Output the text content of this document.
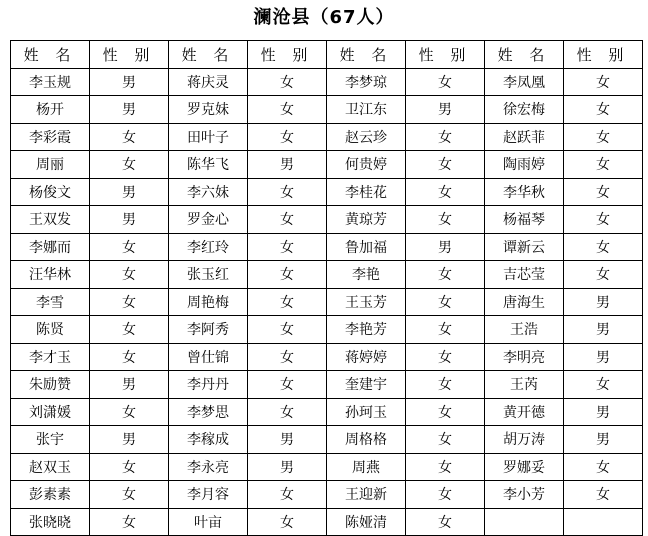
澜沧县（67人）
姓 名	性 别	姓 名	性 别	姓 名	性 别	姓 名	性 别
李玉规	男	蒋庆灵	女	李梦琼	女	李凤凰	女
杨开	男	罗克妹	女	卫江东	男	徐宏梅	女
李彩霞	女	田叶子	女	赵云珍	女	赵跃菲	女
周丽	女	陈华飞	男	何贵婷	女	陶雨婷	女
杨俊文	男	李六妹	女	李桂花	女	李华秋	女
王双发	男	罗金心	女	黄琼芳	女	杨福琴	女
李娜而	女	李红玲	女	鲁加福	男	谭新云	女
汪华林	女	张玉红	女	李艳	女	吉芯莹	女
李雪	女	周艳梅	女	王玉芳	女	唐海生	男
陈贤	女	李阿秀	女	李艳芳	女	王浩	男
李才玉	女	曾仕锦	女	蒋婷婷	女	李明亮	男
朱励赞	男	李丹丹	女	奎建宇	女	王芮	女
刘潇媛	女	李梦思	女	孙珂玉	女	黄开德	男
张宇	男	李稼成	男	周格格	女	胡万涛	男
赵双玉	女	李永亮	男	周燕	女	罗娜妥	女
彭素素	女	李月容	女	王迎新	女	李小芳	女
张晓晓	女	叶亩	女	陈娅清	女		
